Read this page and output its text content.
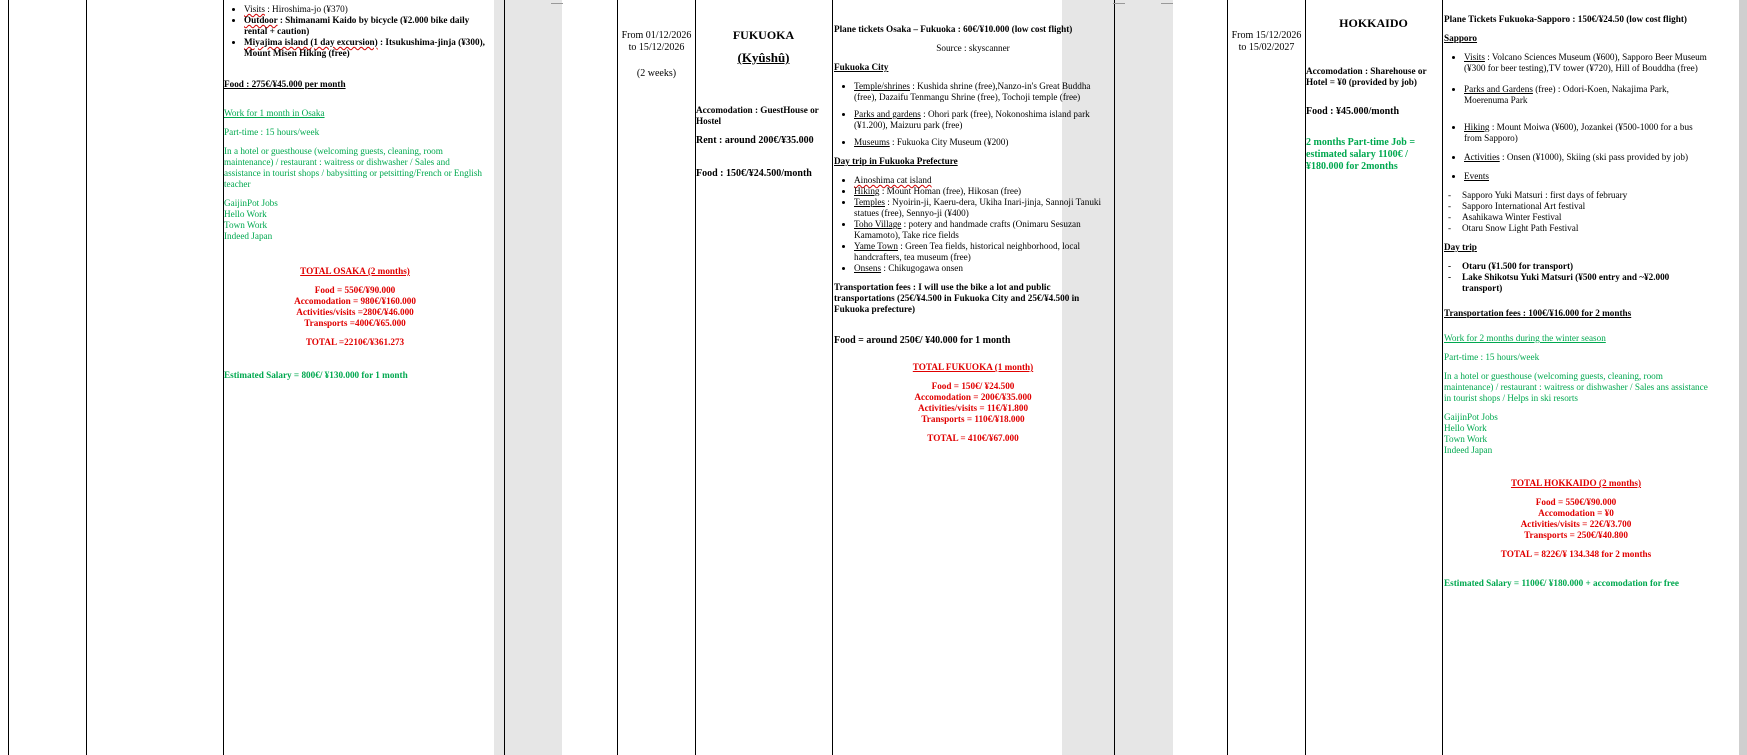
• Visits : Hiroshima-jo (¥370)
• Outdoor : Shimanami Kaido by bicycle (¥2.000 bike daily rental + caution)
• Miyajima island (1 day excursion) : Itsukushima-jinja (¥300), Mount Misen Hiking (free)

Food : 275€/¥45.000 per month

Work for 1 month in Osaka

Part-time : 15 hours/week

In a hotel or guesthouse (welcoming guests, cleaning, room maintenance) / restaurant : waitress or dishwasher / Sales and assistance in tourist shops / babysitting or petsitting/French or English teacher

GaijinPot Jobs

Hello Work

Town Work

Indeed Japan

TOTAL OSAKA (2 months)

Food = 550€/¥90.000

Accomodation = 980€/¥160.000

Activities/visits =280€/¥46.000

Transports =400€/¥65.000

TOTAL =2210€/¥361.273

Estimated Salary = 800€/ ¥130.000 for 1 month

From 01/12/2026 to 15/12/2026

(2 weeks)

FUKUOKA

(Kyûshû)

Accomodation : GuestHouse or Hostel

Rent : around 200€/¥35.000

Food : 150€/¥24.500/month

Plane tickets Osaka – Fukuoka : 60€/¥10.000 (low cost flight)

Source : skyscanner

Fukuoka City

• Temple/shrines : Kushida shrine (free),Nanzo-in's Great Buddha (free), Dazaifu Tenmangu Shrine (free), Tochoji temple (free)
• Parks and gardens : Ohori park (free), Nokonoshima island park (¥1.200), Maizuru park (free)
• Museums : Fukuoka City Museum (¥200)

Day trip in Fukuoka Prefecture

• Ainoshima cat island
• Hiking : Mount Homan (free), Hikosan (free)
• Temples : Nyoirin-ji, Kaeru-dera, Ukiha Inari-jinja, Sannoji Tanuki statues (free), Sennyo-ji (¥400)
• Toho Village : potery and handmade crafts (Onimaru Sesuzan Kamamoto), Take rice fields
• Yame Town : Green Tea fields, historical neighborhood, local handcrafters, tea museum (free)
• Onsens : Chikugogawa onsen

Transportation fees : I will use the bike a lot and public transportations (25€/¥4.500 in Fukuoka City and 25€/¥4.500 in Fukuoka prefecture)

Food = around 250€/ ¥40.000 for 1 month

TOTAL FUKUOKA (1 month)

Food = 150€/ ¥24.500

Accomodation = 200€/¥35.000

Activities/visits = 11€/¥1.800

Transports = 110€/¥18.000

TOTAL = 410€/¥67.000

From 15/12/2026 to 15/02/2027

HOKKAIDO

Accomodation : Sharehouse or Hotel = ¥0 (provided by job)

Food : ¥45.000/month

2 months Part-time Job = estimated salary 1100€ /¥180.000 for 2months

Plane Tickets Fukuoka-Sapporo : 150€/¥24.50 (low cost flight)

Sapporo

• Visits : Volcano Sciences Museum (¥600), Sapporo Beer Museum (¥300 for beer testing),TV tower (¥720), Hill of Bouddha (free)
• Parks and Gardens (free) : Odori-Koen, Nakajima Park, Moerenuma Park
• Hiking : Mount Moiwa (¥600), Jozankei (¥500-1000 for a bus from Sapporo)
• Activities : Onsen (¥1000), Skiing (ski pass provided by job)
• Events
- Sapporo Yuki Matsuri : first days of february
- Sapporo International Art festival
- Asahikawa Winter Festival
- Otaru Snow Light Path Festival

Day trip

- Otaru (¥1.500 for transport)
- Lake Shikotsu Yuki Matsuri (¥500 entry and ~¥2.000 transport)

Transportation fees : 100€/¥16.000 for 2 months

Work for 2 months during the winter season

Part-time : 15 hours/week

In a hotel or guesthouse (welcoming guests, cleaning, room maintenance) / restaurant : waitress or dishwasher / Sales ans assistance in tourist shops / Helps in ski resorts

GaijinPot Jobs

Hello Work

Town Work

Indeed Japan

TOTAL HOKKAIDO (2 months)

Food = 550€/¥90.000

Accomodation = ¥0

Activities/visits = 22€/¥3.700

Transports = 250€/¥40.800

TOTAL = 822€/¥ 134.348 for 2 months

Estimated Salary = 1100€/ ¥180.000 + accomodation for free
